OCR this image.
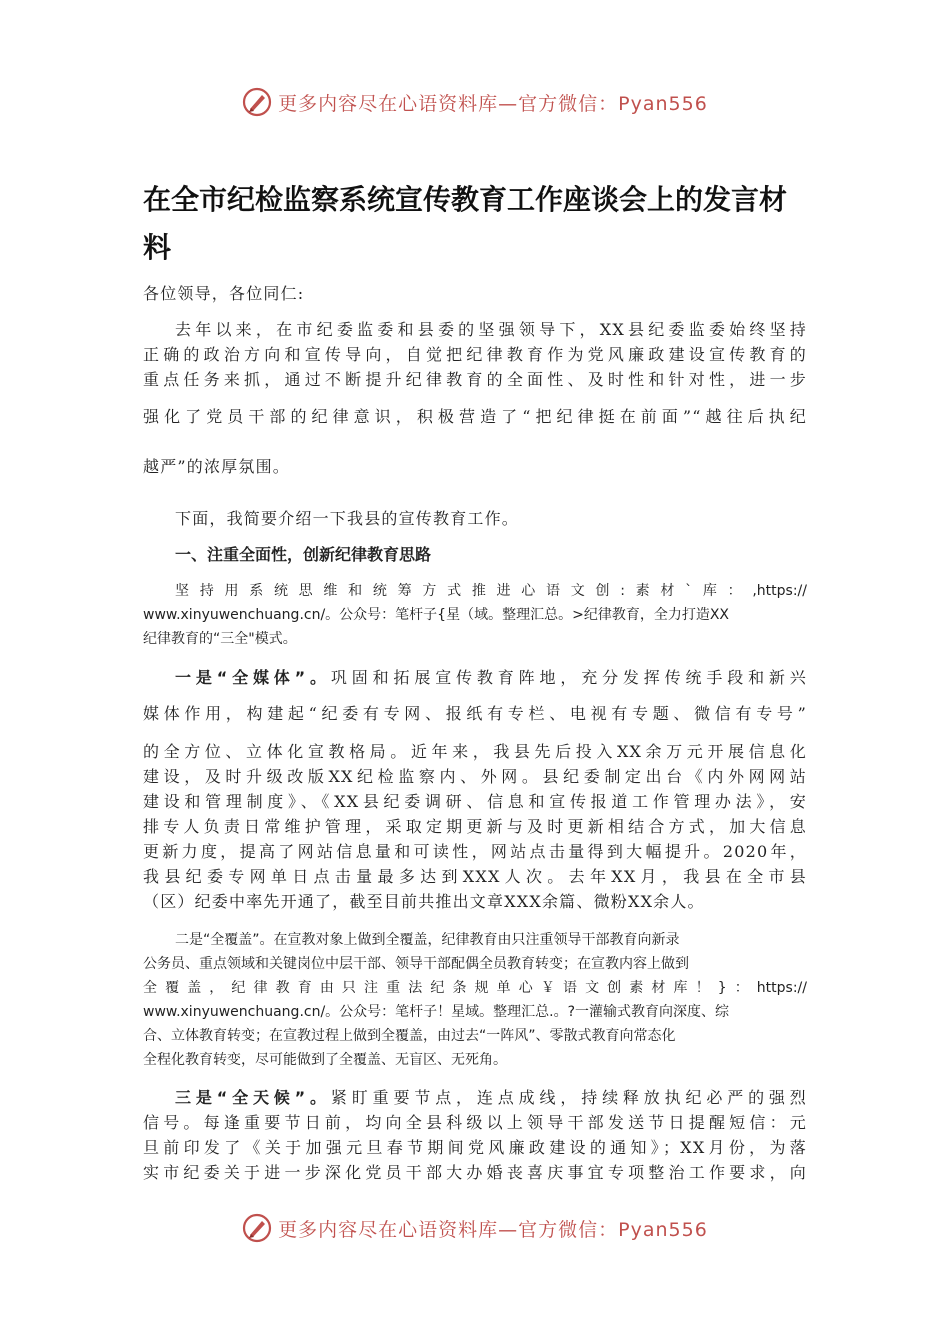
更多内容尽在心语资料库—官方微信：Pyan556
在全市纪检监察系统宣传教育工作座谈会上的发言材料

各位领导，各位同仁:

去年以来，在市纪委监委和县委的坚强领导下，XX县纪委监委始终坚持

正确的政治方向和宣传导向，自觉把纪律教育作为党风廉政建设宣传教育的

重点任务来抓，通过不断提升纪律教育的全面性、及时性和针对性，进一步

强化了党员干部的纪律意识，积极营造了“把纪律挺在前面”“越往后执纪

越严”的浓厚氛围。

下面，我简要介绍一下我县的宣传教育工作。

一、注重全面性，创新纪律教育思路

坚持用系统思维和统筹方式推进心语文创:素材`库：,https://

www.xinyuwenchuang.cn/。公众号：笔杆子{星（域。整理汇总。>纪律教育，全力打造XX

纪律教育的“三全"模式。

一是“全媒体”。巩固和拓展宣传教育阵地，充分发挥传统手段和新兴

媒体作用，构建起“纪委有专网、报纸有专栏、电视有专题、微信有专号”

的全方位、立体化宣教格局。近年来，我县先后投入XX余万元开展信息化

建设，及时升级改版XX纪检监察内、外网。县纪委制定出台《内外网网站

建设和管理制度》、《XX县纪委调研、信息和宣传报道工作管理办法》，安

排专人负责日常维护管理，采取定期更新与及时更新相结合方式，加大信息

更新力度，提高了网站信息量和可读性，网站点击量得到大幅提升。2020年，

我县纪委专网单日点击量最多达到XXX人次。去年XX月，我县在全市县

（区）纪委中率先开通了，截至目前共推出文章XXX余篇、微粉XX余人。

二是“全覆盖”。在宣教对象上做到全覆盖，纪律教育由只注重领导干部教育向新录

公务员、重点领域和关键岗位中层干部、领导干部配偶全员教育转变；在宣教内容上做到

全覆盖，纪律教育由只注重法纪条规单心￥语文创素材库！}：https://

www.xinyuwenchuang.cn/。公众号：笔杆子！星域。整理汇总.。?一灌输式教育向深度、综

合、立体教育转变；在宣教过程上做到全覆盖，由过去“一阵风”、零散式教育向常态化

全程化教育转变，尽可能做到了全覆盖、无盲区、无死角。

三是“全天候”。紧盯重要节点，连点成线，持续释放执纪必严的强烈

信号。每逢重要节日前，均向全县科级以上领导干部发送节日提醒短信：元

旦前印发了《关于加强元旦春节期间党风廉政建设的通知》；XX月份，为落

实市纪委关于进一步深化党员干部大办婚丧喜庆事宜专项整治工作要求，向

更多内容尽在心语资料库—官方微信：Pyan556
